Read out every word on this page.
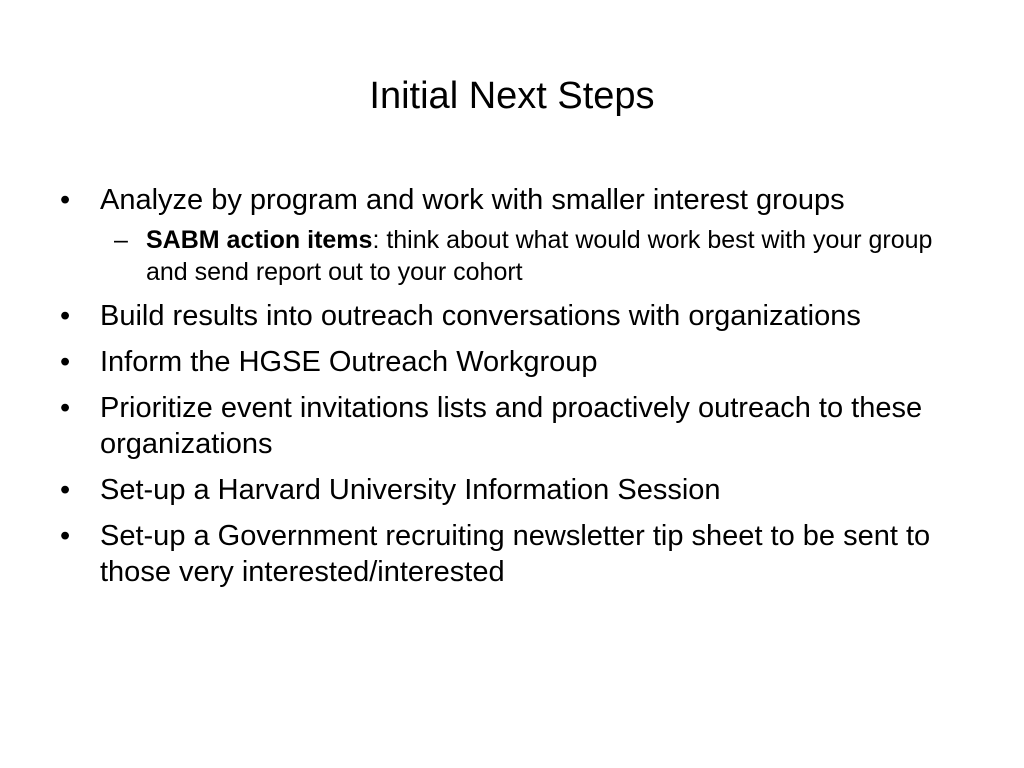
Initial Next Steps
•	Analyze by program and work with smaller interest groups
– SABM action items: think about what would work best with your group and send report out to your cohort
•	Build results into outreach conversations with organizations
•	Inform the HGSE Outreach Workgroup
•	Prioritize event invitations lists and proactively outreach to these organizations
•	Set-up a Harvard University Information Session
•	Set-up a Government recruiting newsletter tip sheet to be sent to those very interested/interested
